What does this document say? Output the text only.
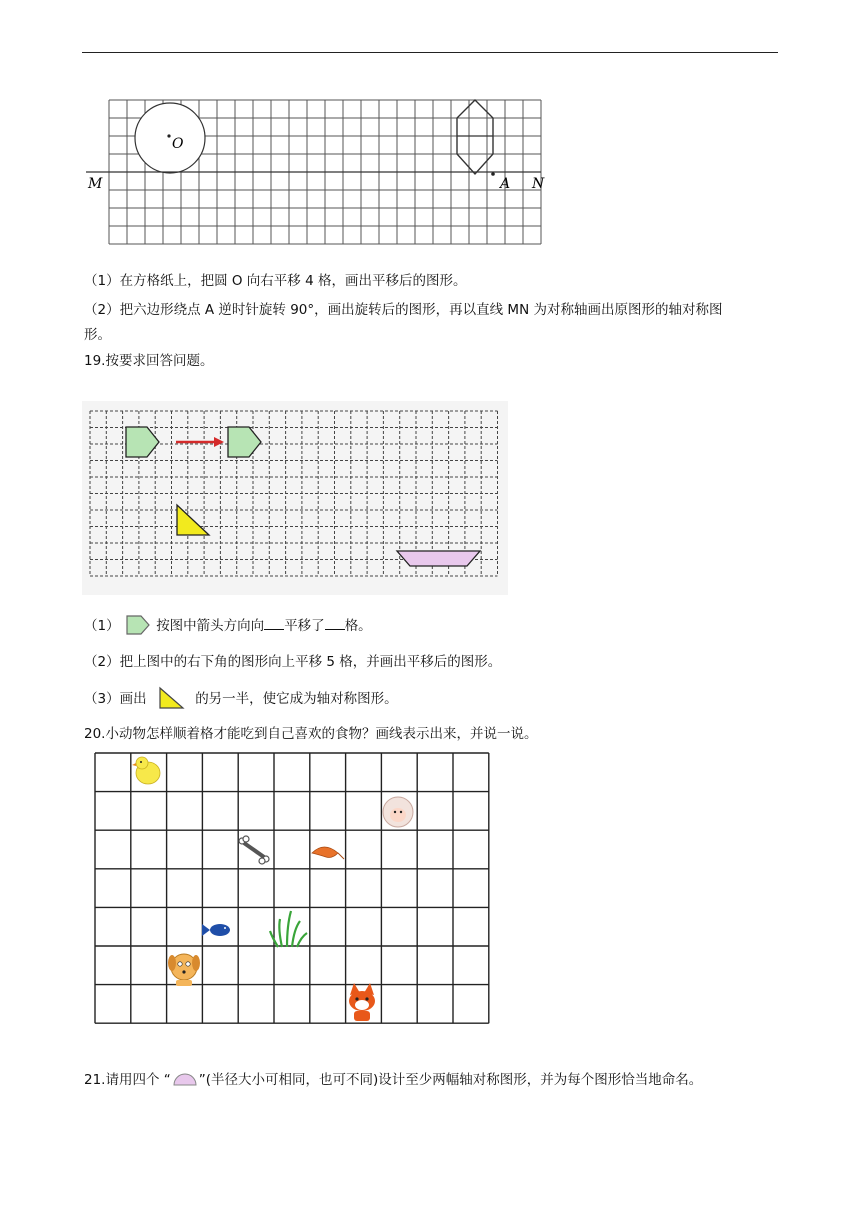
O
A
M	N
（1）在方格纸上，把圆 O 向右平移 4 格，画出平移后的图形。
（2）把六边形绕点 A 逆时针旋转 90°，画出旋转后的图形，再以直线 MN 为对称轴画出原图形的轴对称图
形。
19.按要求回答问题。
（1）	按图中箭头方向向 平移了 格。
（2）把上图中的右下角的图形向上平移 5 格，并画出平移后的图形。
（3）画出	的另一半，使它成为轴对称图形。
20.小动物怎样顺着格才能吃到自己喜欢的食物？画线表示出来，并说一说。
21.请用四个 “ ”(半径大小可相同，也可不同)设计至少两幅轴对称图形，并为每个图形恰当地命名。
